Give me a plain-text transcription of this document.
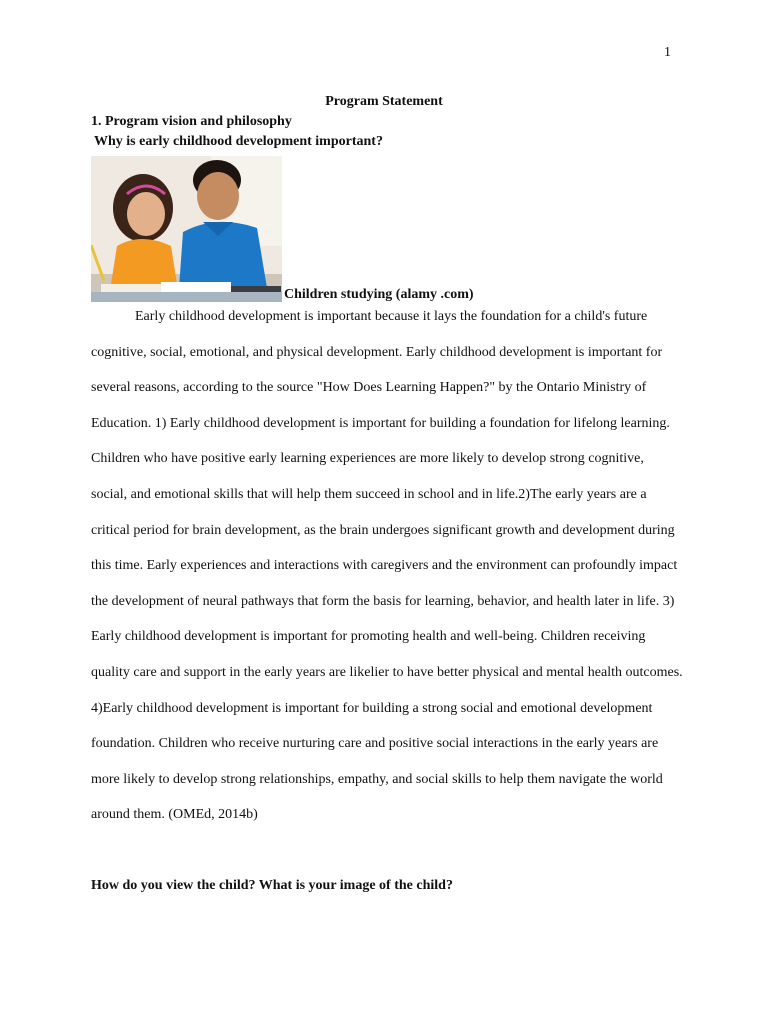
1
Program Statement
1. Program vision and philosophy
Why is early childhood development important?
Children studying (alamy .com)

Early childhood development is important because it lays the foundation for a child's future cognitive, social, emotional, and physical development. Early childhood development is important for several reasons, according to the source "How Does Learning Happen?" by the Ontario Ministry of Education. 1) Early childhood development is important for building a foundation for lifelong learning. Children who have positive early learning experiences are more likely to develop strong cognitive, social, and emotional skills that will help them succeed in school and in life.2)The early years are a critical period for brain development, as the brain undergoes significant growth and development during this time. Early experiences and interactions with caregivers and the environment can profoundly impact the development of neural pathways that form the basis for learning, behavior, and health later in life. 3) Early childhood development is important for promoting health and well-being. Children receiving quality care and support in the early years are likelier to have better physical and mental health outcomes. 4)Early childhood development is important for building a strong social and emotional development foundation. Children who receive nurturing care and positive social interactions in the early years are more likely to develop strong relationships, empathy, and social skills to help them navigate the world around them. (OMEd, 2014b)

How do you view the child? What is your image of the child?
